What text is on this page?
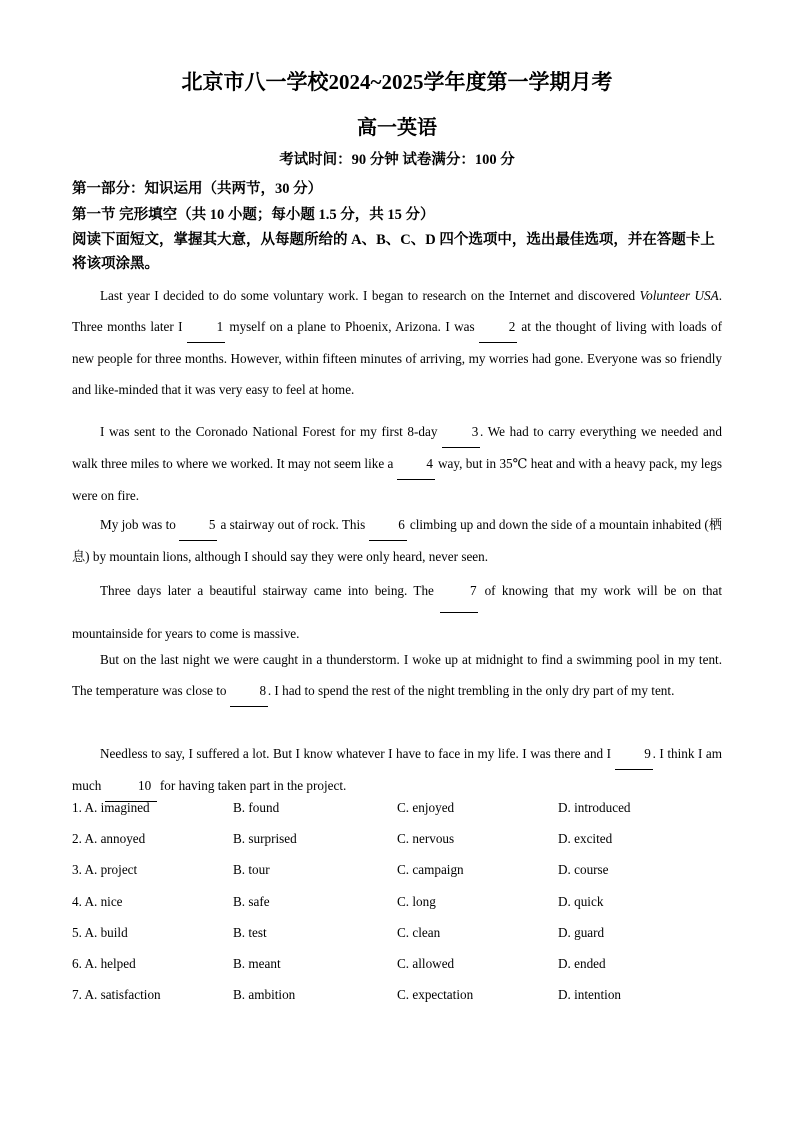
北京市八一学校2024~2025学年度第一学期月考
高一英语
考试时间：90 分钟 试卷满分：100 分
第一部分：知识运用（共两节，30 分）
第一节 完形填空（共 10 小题；每小题 1.5 分，共 15 分）
阅读下面短文，掌握其大意，从每题所给的 A、B、C、D 四个选项中，选出最佳选项，并在答题卡上将该项涂黑。

Last year I decided to do some voluntary work. I began to research on the Internet and discovered Volunteer USA. Three months later I 1 myself on a plane to Phoenix, Arizona. I was 2 at the thought of living with loads of new people for three months. However, within fifteen minutes of arriving, my worries had gone. Everyone was so friendly and like-minded that it was very easy to feel at home.

I was sent to the Coronado National Forest for my first 8-day 3 . We had to carry everything we needed and walk three miles to where we worked. It may not seem like a 4 way, but in 35℃ heat and with a heavy pack, my legs were on fire.

My job was to 5 a stairway out of rock. This 6 climbing up and down the side of a mountain inhabited (栖息) by mountain lions, although I should say they were only heard, never seen.

Three days later a beautiful stairway came into being. The 7 of knowing that my work will be on that mountainside for years to come is massive.

But on the last night we were caught in a thunderstorm. I woke up at midnight to find a swimming pool in my tent. The temperature was close to 8 . I had to spend the rest of the night trembling in the only dry part of my tent.

Needless to say, I suffered a lot. But I know whatever I have to face in my life. I was there and I 9 . I think I am much	10 for having taken part in the project.

1. A. imagined	B. found	C. enjoyed	D. introduced
2. A. annoyed	B. surprised	C. nervous	D. excited
3. A. project	B. tour	C. campaign	D. course
4. A. nice	B. safe	C. long	D. quick
5. A. build	B. test	C. clean	D. guard
6. A. helped	B. meant	C. allowed	D. ended
7. A. satisfaction	B. ambition	C. expectation	D. intention
